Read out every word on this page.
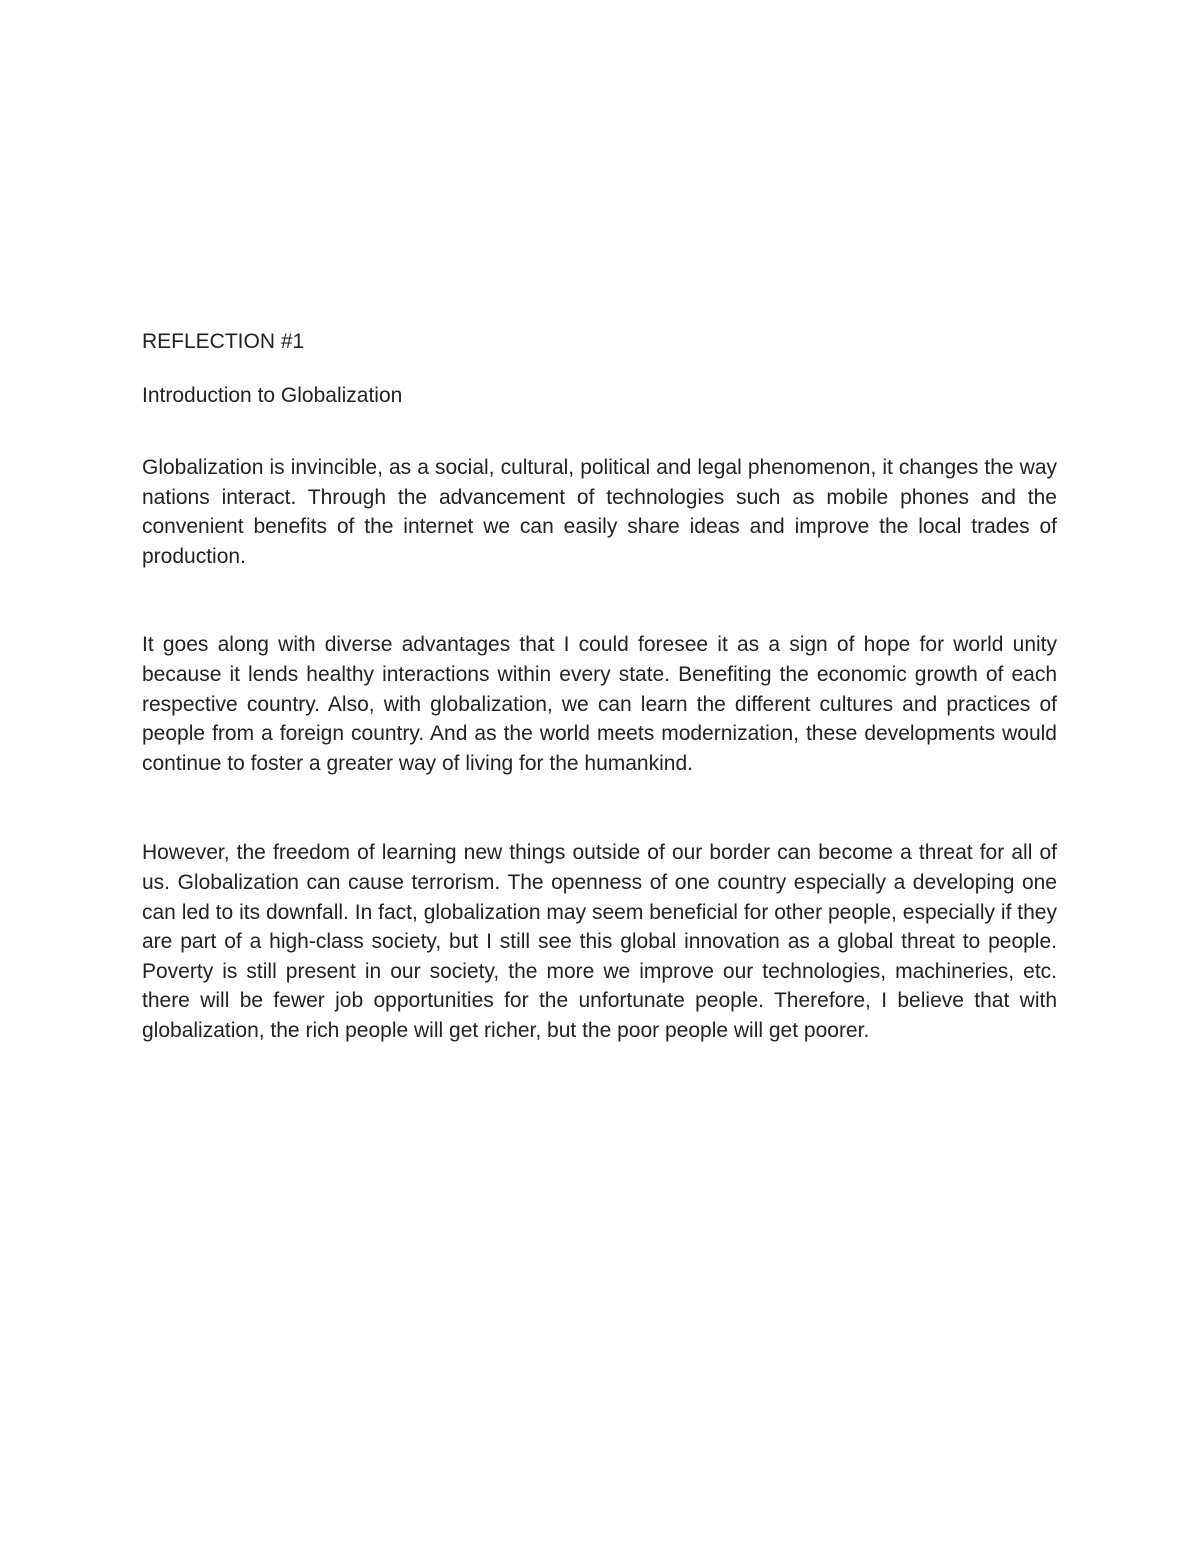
REFLECTION #1
Introduction to Globalization

Globalization is invincible, as a social, cultural, political and legal phenomenon, it changes the way nations interact. Through the advancement of technologies such as mobile phones and the convenient benefits of the internet we can easily share ideas and improve the local trades of production.

It goes along with diverse advantages that I could foresee it as a sign of hope for world unity because it lends healthy interactions within every state. Benefiting the economic growth of each respective country. Also, with globalization, we can learn the different cultures and practices of people from a foreign country. And as the world meets modernization, these developments would continue to foster a greater way of living for the humankind.

However, the freedom of learning new things outside of our border can become a threat for all of us. Globalization can cause terrorism. The openness of one country especially a developing one can led to its downfall. In fact, globalization may seem beneficial for other people, especially if they are part of a high-class society, but I still see this global innovation as a global threat to people. Poverty is still present in our society, the more we improve our technologies, machineries, etc. there will be fewer job opportunities for the unfortunate people. Therefore, I believe that with globalization, the rich people will get richer, but the poor people will get poorer.
